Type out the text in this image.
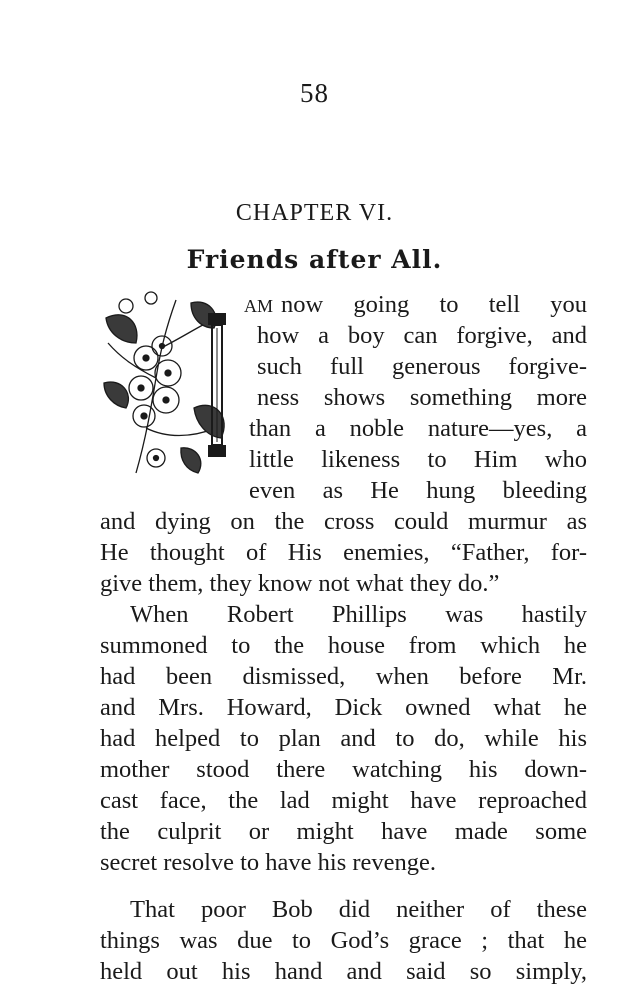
58
CHAPTER VI.
Friends after All.
AM now going to tell you
how a boy can forgive, and
such full generous forgive-
ness shows something more
than a noble nature—yes, a
little likeness to Him who
even as He hung bleeding
and dying on the cross could murmur as
He thought of His enemies, “Father, for-
give them, they know not what they do.”
When Robert Phillips was hastily
summoned to the house from which he
had been dismissed, when before Mr.
and Mrs. Howard, Dick owned what he
had helped to plan and to do, while his
mother stood there watching his down-
cast face, the lad might have reproached
the culprit or might have made some
secret resolve to have his revenge.
That poor Bob did neither of these
things was due to God’s grace ; that he
held out his hand and said so simply,
